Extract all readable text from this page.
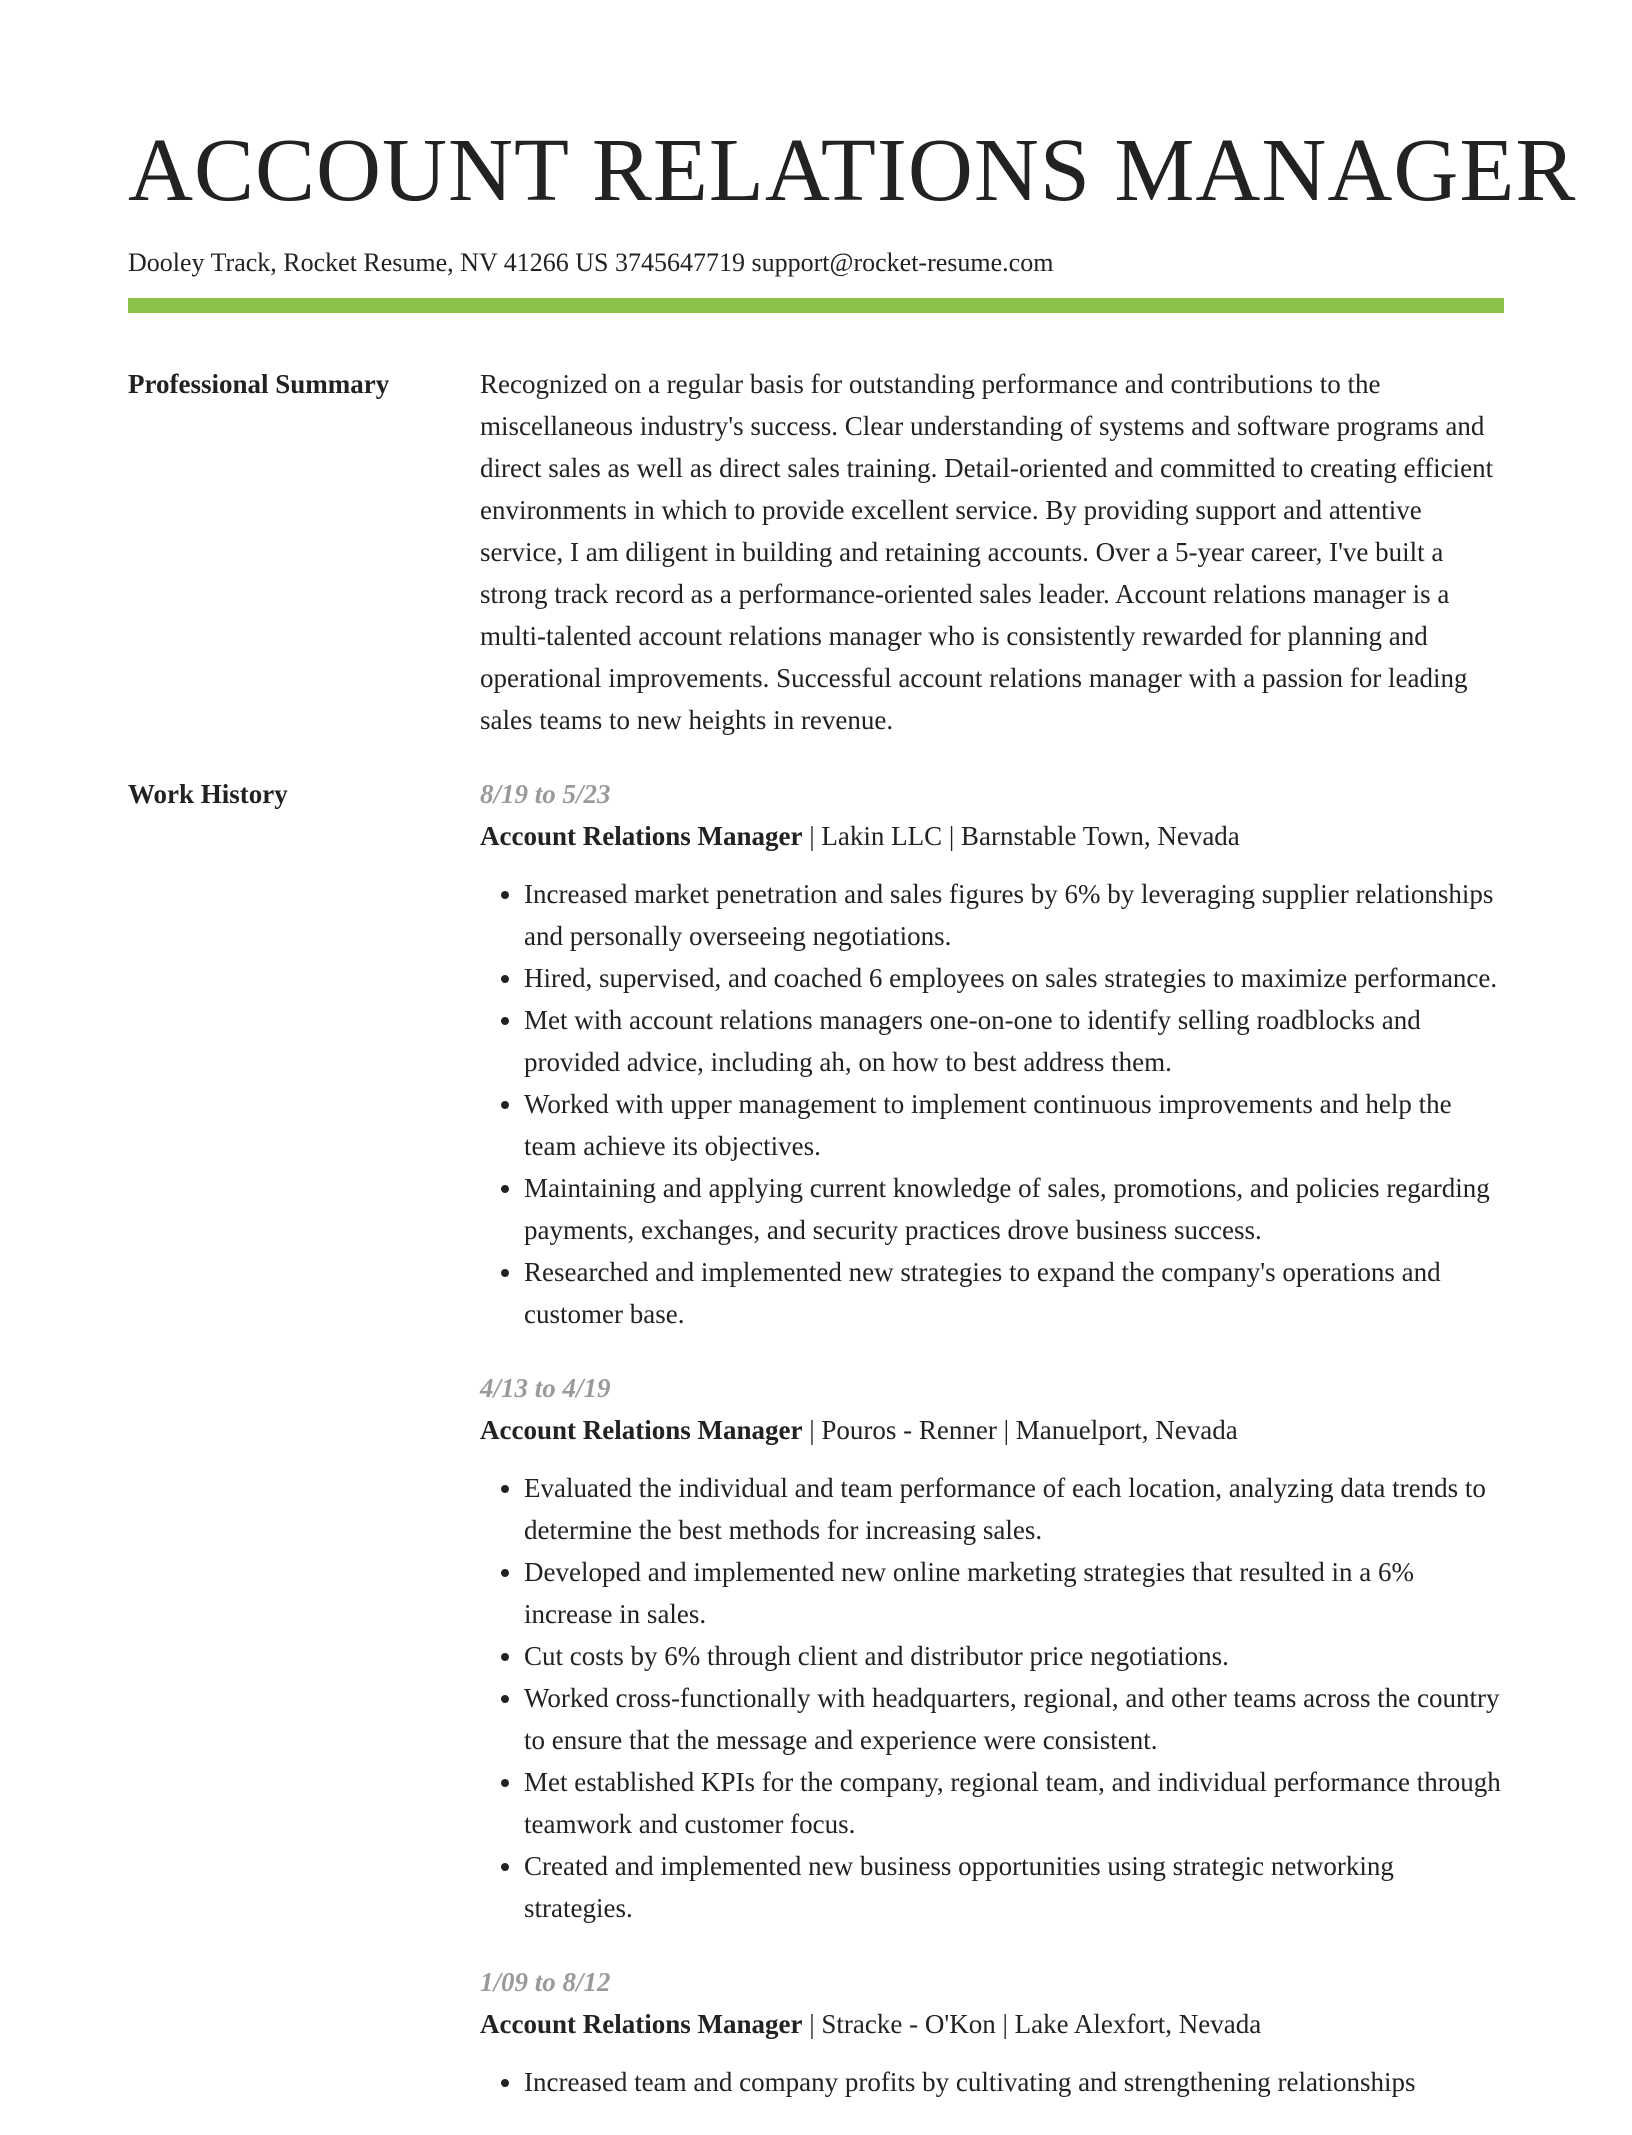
ACCOUNT RELATIONS MANAGER
Dooley Track, Rocket Resume, NV 41266 US 3745647719 support@rocket-resume.com
Professional Summary	Recognized on a regular basis for outstanding performance and contributions to the miscellaneous industry's success. Clear understanding of systems and software programs and direct sales as well as direct sales training. Detail-oriented and committed to creating efficient environments in which to provide excellent service. By providing support and attentive service, I am diligent in building and retaining accounts. Over a 5-year career, I've built a strong track record as a performance-oriented sales leader. Account relations manager is a multi-talented account relations manager who is consistently rewarded for planning and operational improvements. Successful account relations manager with a passion for leading sales teams to new heights in revenue.

Work History	8/19 to 5/23
Account Relations Manager | Lakin LLC | Barnstable Town, Nevada
• Increased market penetration and sales figures by 6% by leveraging supplier relationships and personally overseeing negotiations.
• Hired, supervised, and coached 6 employees on sales strategies to maximize performance.
• Met with account relations managers one-on-one to identify selling roadblocks and provided advice, including ah, on how to best address them.
• Worked with upper management to implement continuous improvements and help the team achieve its objectives.
• Maintaining and applying current knowledge of sales, promotions, and policies regarding payments, exchanges, and security practices drove business success.
• Researched and implemented new strategies to expand the company's operations and customer base.
4/13 to 4/19
Account Relations Manager | Pouros - Renner | Manuelport, Nevada
• Evaluated the individual and team performance of each location, analyzing data trends to determine the best methods for increasing sales.
• Developed and implemented new online marketing strategies that resulted in a 6% increase in sales.
• Cut costs by 6% through client and distributor price negotiations.
• Worked cross-functionally with headquarters, regional, and other teams across the country to ensure that the message and experience were consistent.
• Met established KPIs for the company, regional team, and individual performance through teamwork and customer focus.
• Created and implemented new business opportunities using strategic networking strategies.
1/09 to 8/12
Account Relations Manager | Stracke - O'Kon | Lake Alexfort, Nevada
• Increased team and company profits by cultivating and strengthening relationships
